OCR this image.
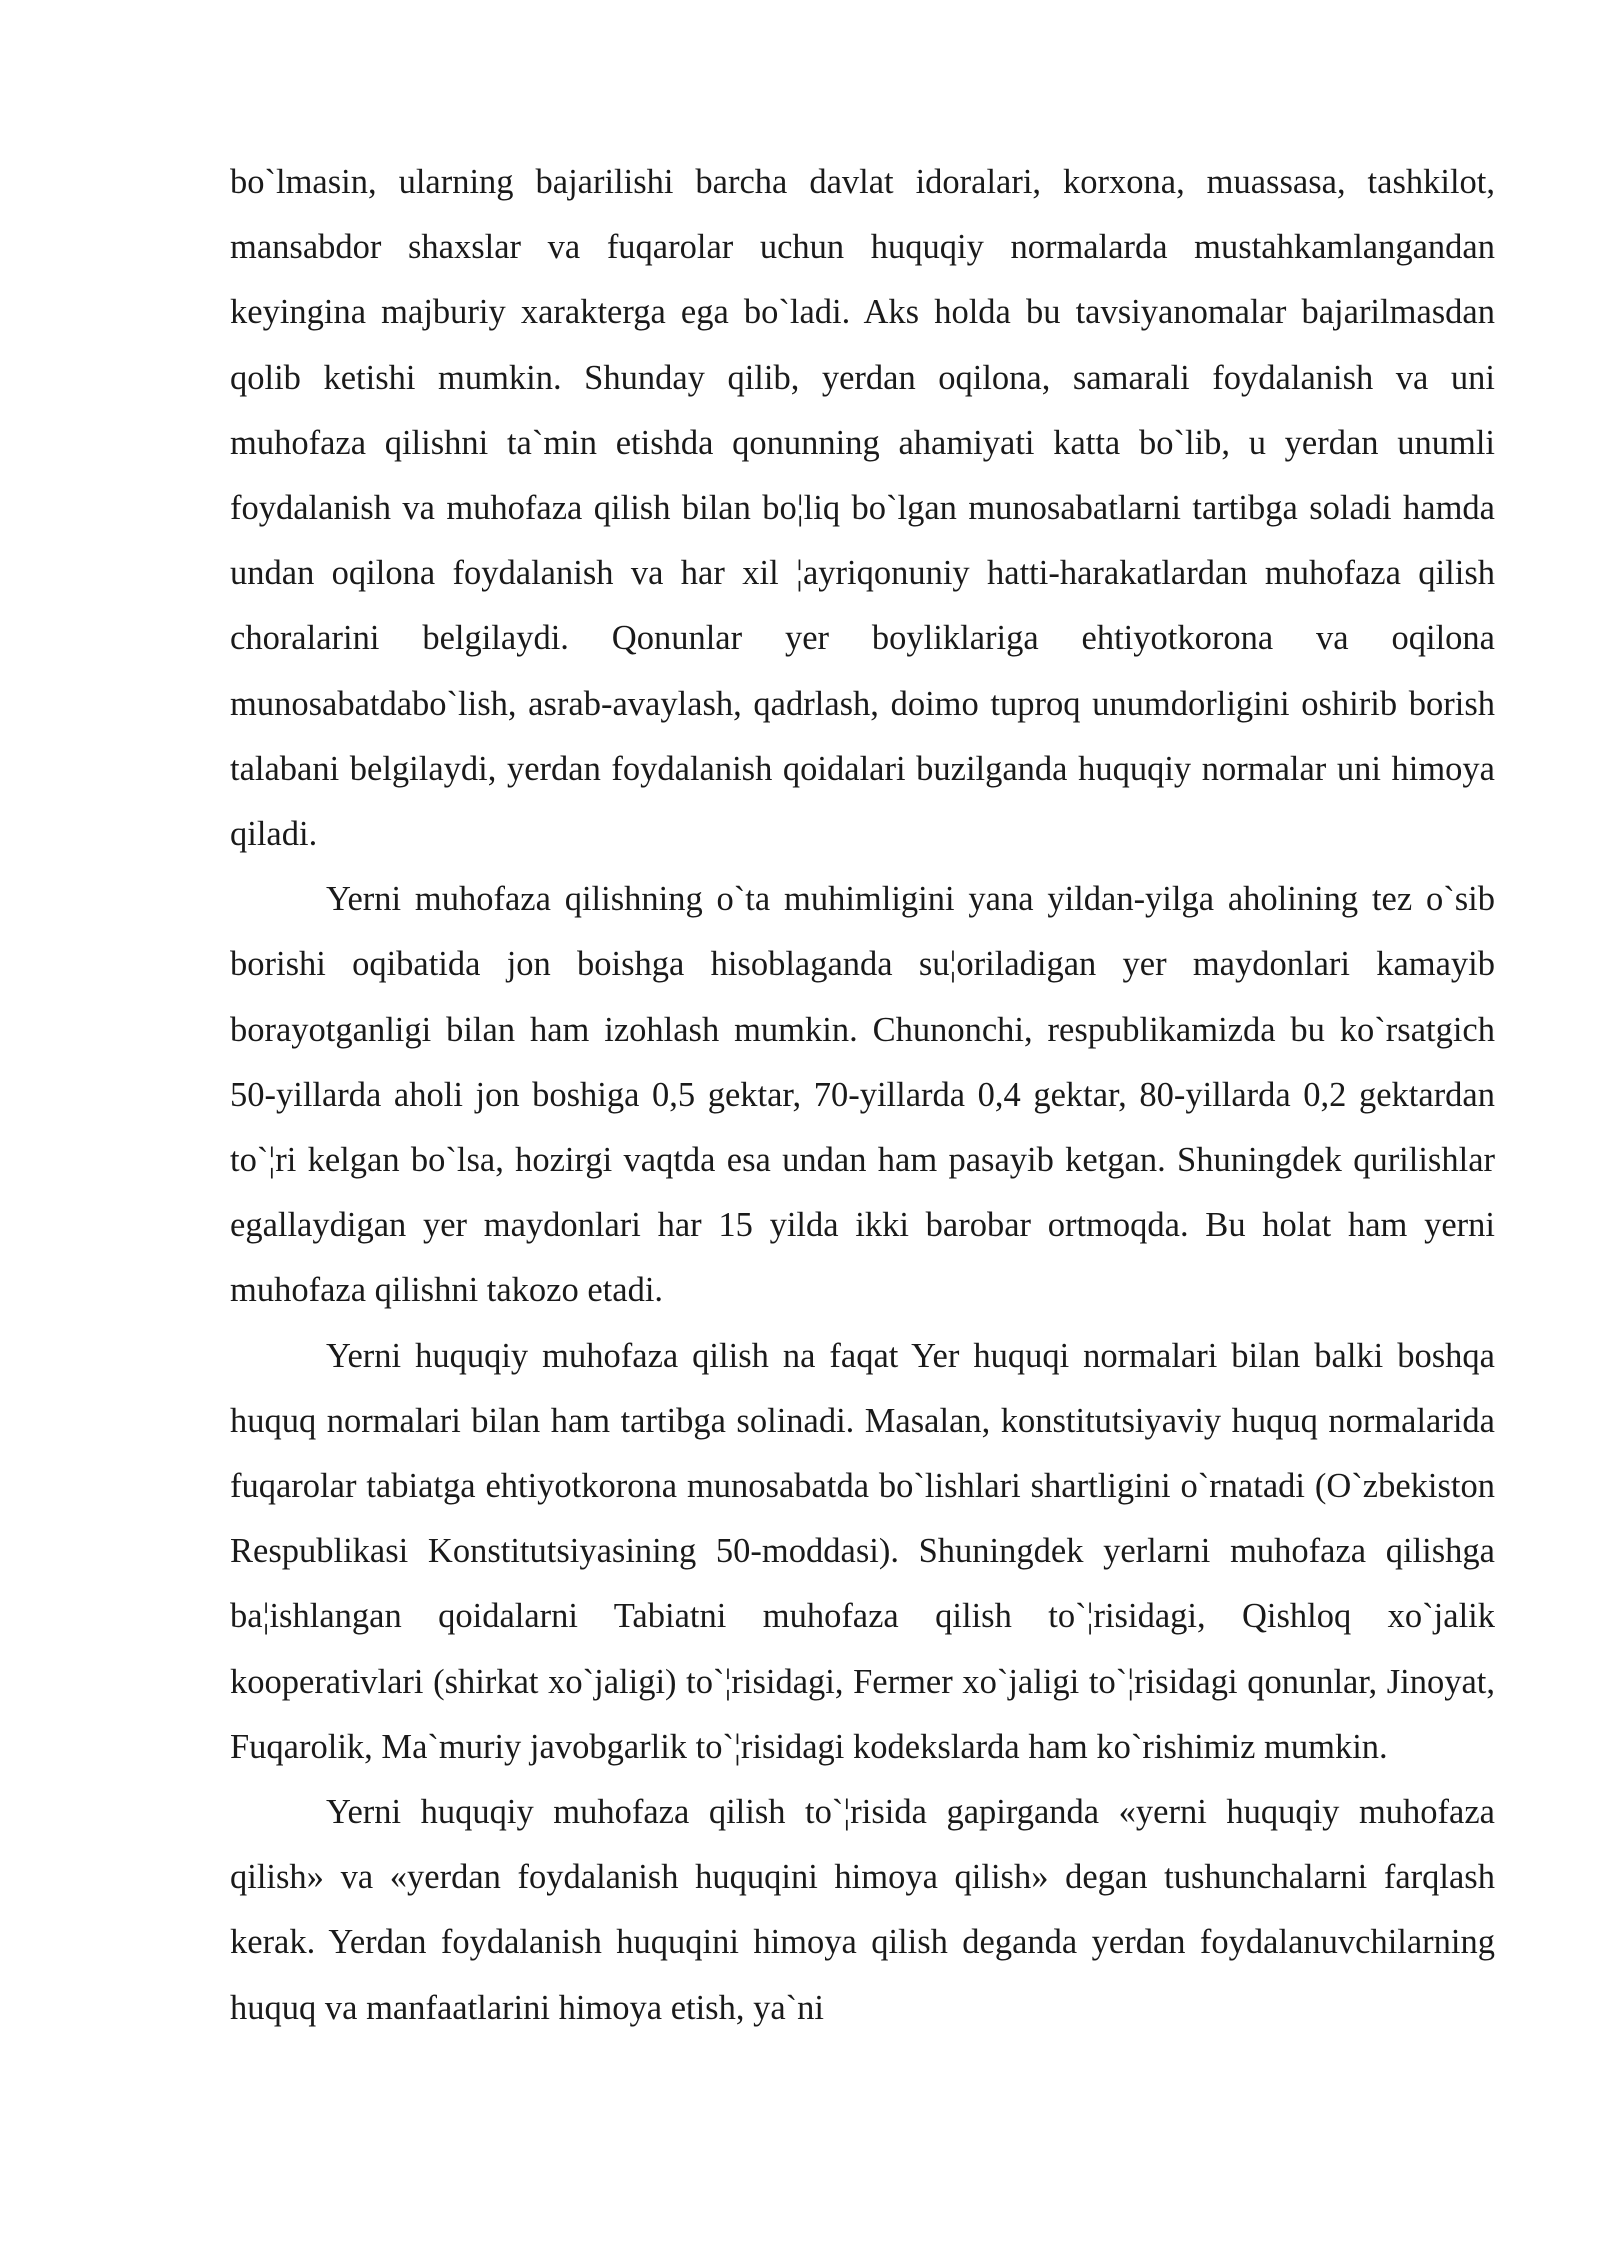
bo`lmasin, ularning bajarilishi barcha davlat idoralari, korxona, muassasa, tashkilot, mansabdor shaxslar va fuqarolar uchun huquqiy normalarda mustahkamlangandan keyingina majburiy xarakterga ega bo`ladi. Aks holda bu tavsiyanomalar bajarilmasdan qolib ketishi mumkin. Shunday qilib, yerdan oqilona, samarali foydalanish va uni muhofaza qilishni ta`min etishda qonunning ahamiyati katta bo`lib, u yerdan unumli foydalanish va muhofaza qilish bilan bo¦liq bo`lgan munosabatlarni tartibga soladi hamda undan oqilona foydalanish va har xil ¦ayriqonuniy hatti-harakatlardan muhofaza qilish choralarini belgilaydi. Qonunlar yer boyliklariga ehtiyotkorona va oqilona munosabatdabo`lish, asrab-avaylash, qadrlash, doimo tuproq unumdorligini oshirib borish talabani belgilaydi, yerdan foydalanish qoidalari buzilganda huquqiy normalar uni himoya qiladi.

Yerni muhofaza qilishning o`ta muhimligini yana yildan-yilga aholining tez o`sib borishi oqibatida jon boishga hisoblaganda su¦oriladigan yer maydonlari kamayib borayotganligi bilan ham izohlash mumkin. Chunonchi, respublikamizda bu ko`rsatgich 50-yillarda aholi jon boshiga 0,5 gektar, 70-yillarda 0,4 gektar, 80-yillarda 0,2 gektardan to`¦ri kelgan bo`lsa, hozirgi vaqtda esa undan ham pasayib ketgan. Shuningdek qurilishlar egallaydigan yer maydonlari har 15 yilda ikki barobar ortmoqda. Bu holat ham yerni muhofaza qilishni takozo etadi.

Yerni huquqiy muhofaza qilish na faqat Yer huquqi normalari bilan balki boshqa huquq normalari bilan ham tartibga solinadi. Masalan, konstitutsiyaviy huquq normalarida fuqarolar tabiatga ehtiyotkorona munosabatda bo`lishlari shartligini o`rnatadi (O`zbekiston Respublikasi Konstitutsiyasining 50-moddasi). Shuningdek yerlarni muhofaza qilishga ba¦ishlangan qoidalarni Tabiatni muhofaza qilish to`¦risidagi, Qishloq xo`jalik kooperativlari (shirkat xo`jaligi) to`¦risidagi, Fermer xo`jaligi to`¦risidagi qonunlar, Jinoyat, Fuqarolik, Ma`muriy javobgarlik to`¦risidagi kodekslarda ham ko`rishimiz mumkin.

Yerni huquqiy muhofaza qilish to`¦risida gapirganda «yerni huquqiy muhofaza qilish» va «yerdan foydalanish huquqini himoya qilish» degan tushunchalarni farqlash kerak. Yerdan foydalanish huquqini himoya qilish deganda yerdan foydalanuvchilarning huquq va manfaatlarini himoya etish, ya`ni
